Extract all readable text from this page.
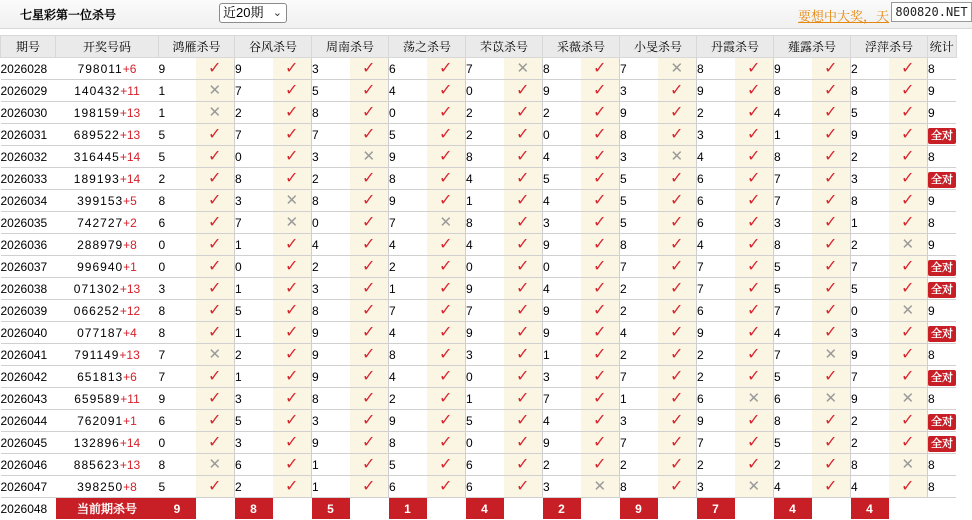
七星彩第一位杀号	近20期 ⌄	要想中大奖，天 800820.NET
期号	开奖号码	鸿雁杀号		谷风杀号		周南杀号		荡之杀号		芣苡杀号		采薇杀号		小旻杀号		丹霞杀号		薤露杀号		浮萍杀号		统计
2026028	798011+6	9	✓	9	✓	3	✓	6	✓	7	✕	8	✓	7	✕	8	✓	9	✓	2	✓	8
2026029	140432+11	1	✕	7	✓	5	✓	4	✓	0	✓	9	✓	3	✓	9	✓	8	✓	8	✓	9
2026030	198159+13	1	✕	2	✓	8	✓	0	✓	2	✓	2	✓	9	✓	2	✓	4	✓	5	✓	9
2026031	689522+13	5	✓	7	✓	7	✓	5	✓	2	✓	0	✓	8	✓	3	✓	1	✓	9	✓	全对
2026032	316445+14	5	✓	0	✓	3	✕	9	✓	8	✓	4	✓	3	✕	4	✓	8	✓	2	✓	8
2026033	189193+14	2	✓	8	✓	2	✓	8	✓	4	✓	5	✓	5	✓	6	✓	7	✓	3	✓	全对
2026034	399153+5	8	✓	3	✕	8	✓	9	✓	1	✓	4	✓	5	✓	6	✓	7	✓	8	✓	9
2026035	742727+2	6	✓	7	✕	0	✓	7	✕	8	✓	3	✓	5	✓	6	✓	3	✓	1	✓	8
2026036	288979+8	0	✓	1	✓	4	✓	4	✓	4	✓	9	✓	8	✓	4	✓	8	✓	2	✕	9
2026037	996940+1	0	✓	0	✓	2	✓	2	✓	0	✓	0	✓	7	✓	7	✓	5	✓	7	✓	全对
2026038	071302+13	3	✓	1	✓	3	✓	1	✓	9	✓	4	✓	2	✓	7	✓	5	✓	5	✓	全对
2026039	066252+12	8	✓	5	✓	8	✓	7	✓	7	✓	9	✓	2	✓	6	✓	7	✓	0	✕	9
2026040	077187+4	8	✓	1	✓	9	✓	4	✓	9	✓	9	✓	4	✓	9	✓	4	✓	3	✓	全对
2026041	791149+13	7	✕	2	✓	9	✓	8	✓	3	✓	1	✓	2	✓	2	✓	7	✕	9	✓	8
2026042	651813+6	7	✓	1	✓	9	✓	4	✓	0	✓	3	✓	7	✓	2	✓	5	✓	7	✓	全对
2026043	659589+11	9	✓	3	✓	8	✓	2	✓	1	✓	7	✓	1	✓	6	✕	6	✕	9	✕	8
2026044	762091+1	6	✓	5	✓	3	✓	9	✓	5	✓	4	✓	3	✓	9	✓	8	✓	2	✓	全对
2026045	132896+14	0	✓	3	✓	9	✓	8	✓	0	✓	9	✓	7	✓	7	✓	5	✓	2	✓	全对
2026046	885623+13	8	✕	6	✓	1	✓	5	✓	6	✓	2	✓	2	✓	2	✓	2	✓	8	✕	8
2026047	398250+8	5	✓	2	✓	1	✓	6	✓	6	✓	3	✕	8	✓	3	✕	4	✓	4	✓	8
2026048	当前期杀号	9		8		5		1		4		2		9		7		4		4		
